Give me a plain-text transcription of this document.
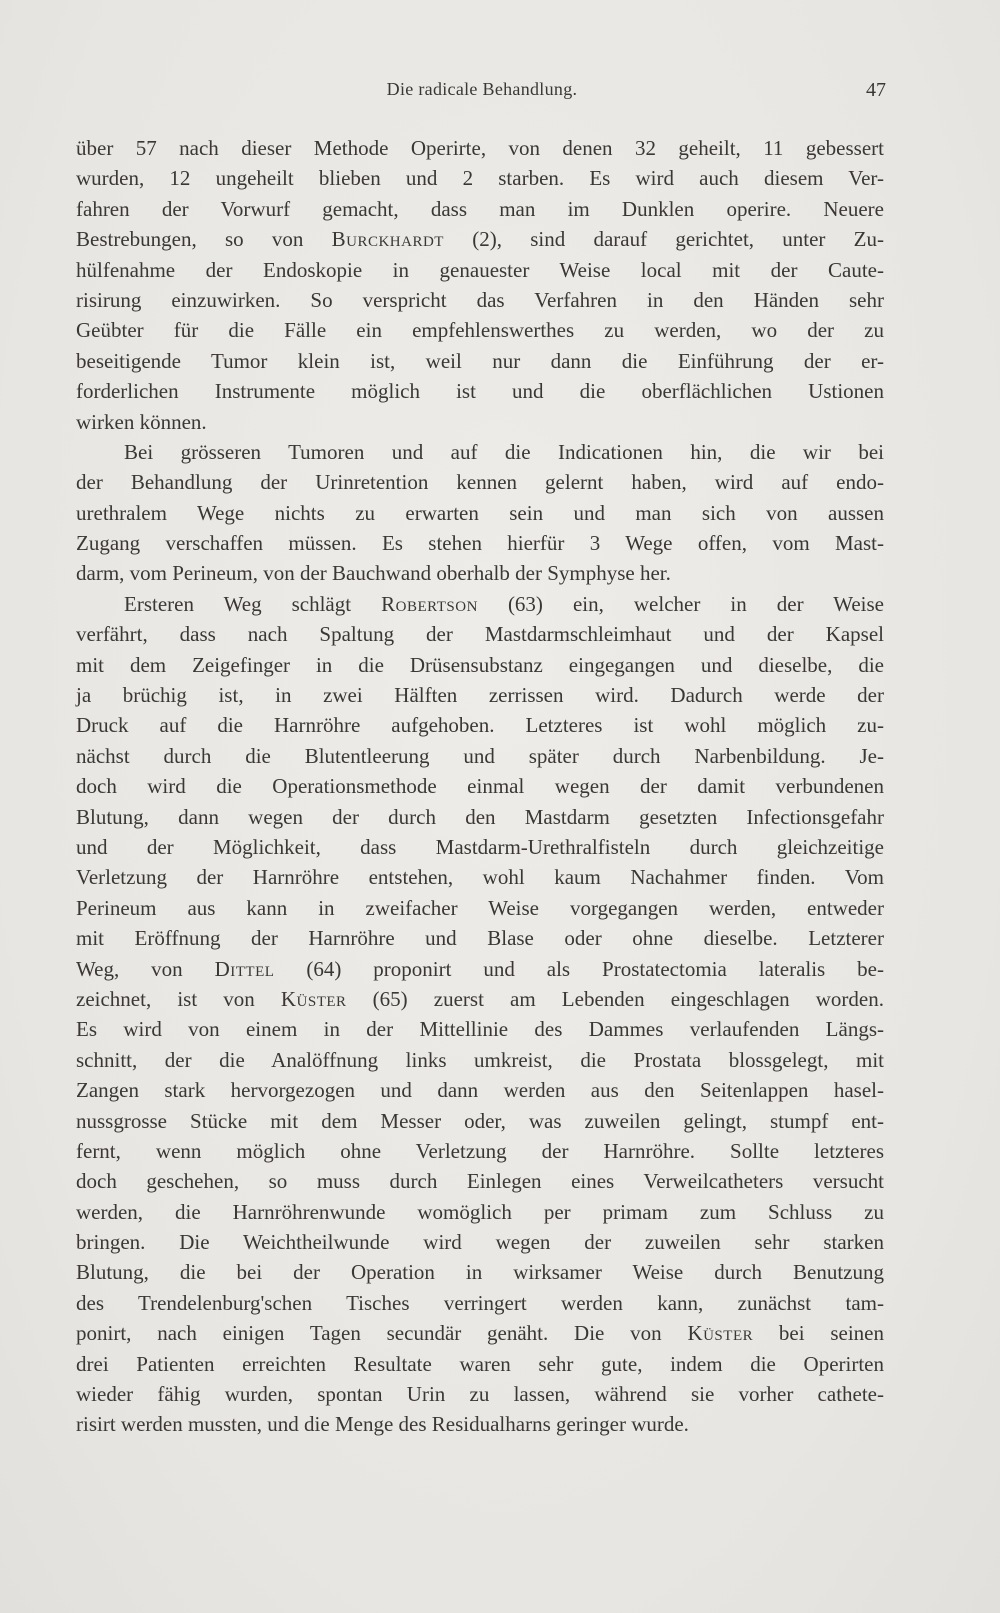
Die radicale Behandlung.	47
über 57 nach dieser Methode Operirte, von denen 32 geheilt, 11 gebessert
wurden, 12 ungeheilt blieben und 2 starben. Es wird auch diesem Ver-
fahren der Vorwurf gemacht, dass man im Dunklen operire. Neuere
Bestrebungen, so von Burckhardt (2), sind darauf gerichtet, unter Zu-
hülfenahme der Endoskopie in genauester Weise local mit der Caute-
risirung einzuwirken. So verspricht das Verfahren in den Händen sehr
Geübter für die Fälle ein empfehlenswerthes zu werden, wo der zu
beseitigende Tumor klein ist, weil nur dann die Einführung der er-
forderlichen Instrumente möglich ist und die oberflächlichen Ustionen
wirken können.
Bei grösseren Tumoren und auf die Indicationen hin, die wir bei
der Behandlung der Urinretention kennen gelernt haben, wird auf endo-
urethralem Wege nichts zu erwarten sein und man sich von aussen
Zugang verschaffen müssen. Es stehen hierfür 3 Wege offen, vom Mast-
darm, vom Perineum, von der Bauchwand oberhalb der Symphyse her.
Ersteren Weg schlägt Robertson (63) ein, welcher in der Weise
verfährt, dass nach Spaltung der Mastdarmschleimhaut und der Kapsel
mit dem Zeigefinger in die Drüsensubstanz eingegangen und dieselbe, die
ja brüchig ist, in zwei Hälften zerrissen wird. Dadurch werde der
Druck auf die Harnröhre aufgehoben. Letzteres ist wohl möglich zu-
nächst durch die Blutentleerung und später durch Narbenbildung. Je-
doch wird die Operationsmethode einmal wegen der damit verbundenen
Blutung, dann wegen der durch den Mastdarm gesetzten Infectionsgefahr
und der Möglichkeit, dass Mastdarm-Urethralfisteln durch gleichzeitige
Verletzung der Harnröhre entstehen, wohl kaum Nachahmer finden. Vom
Perineum aus kann in zweifacher Weise vorgegangen werden, entweder
mit Eröffnung der Harnröhre und Blase oder ohne dieselbe. Letzterer
Weg, von Dittel (64) proponirt und als Prostatectomia lateralis be-
zeichnet, ist von Küster (65) zuerst am Lebenden eingeschlagen worden.
Es wird von einem in der Mittellinie des Dammes verlaufenden Längs-
schnitt, der die Analöffnung links umkreist, die Prostata blossgelegt, mit
Zangen stark hervorgezogen und dann werden aus den Seitenlappen hasel-
nussgrosse Stücke mit dem Messer oder, was zuweilen gelingt, stumpf ent-
fernt, wenn möglich ohne Verletzung der Harnröhre. Sollte letzteres
doch geschehen, so muss durch Einlegen eines Verweilcatheters versucht
werden, die Harnröhrenwunde womöglich per primam zum Schluss zu
bringen. Die Weichtheilwunde wird wegen der zuweilen sehr starken
Blutung, die bei der Operation in wirksamer Weise durch Benutzung
des Trendelenburg'schen Tisches verringert werden kann, zunächst tam-
ponirt, nach einigen Tagen secundär genäht. Die von Küster bei seinen
drei Patienten erreichten Resultate waren sehr gute, indem die Operirten
wieder fähig wurden, spontan Urin zu lassen, während sie vorher cathete-
risirt werden mussten, und die Menge des Residualharns geringer wurde.
